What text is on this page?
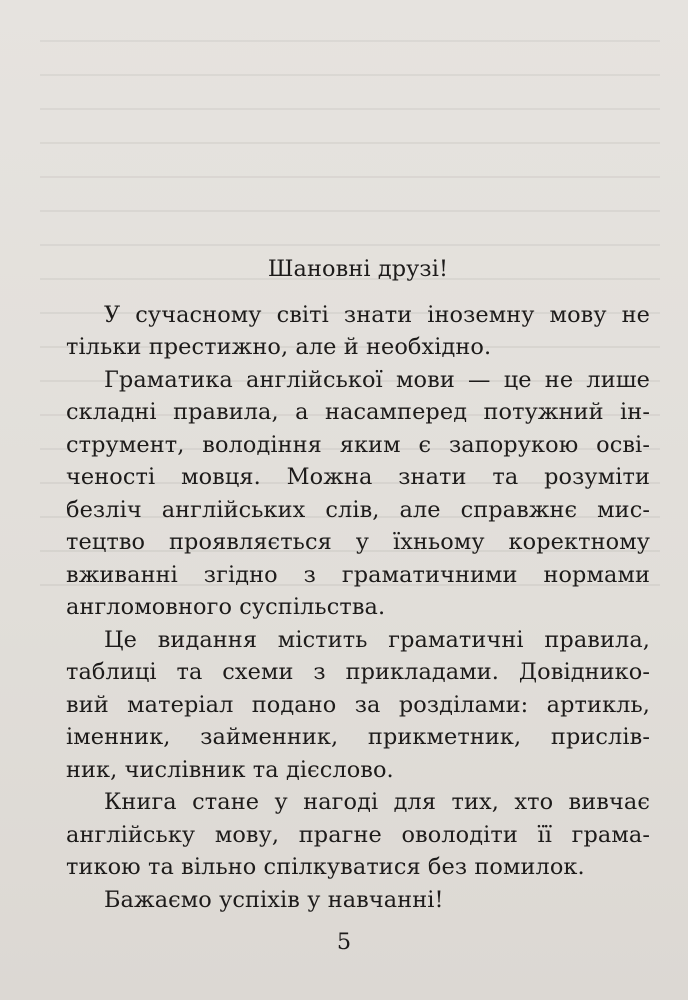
Шановні друзі!

У сучасному світі знати іноземну мову не
тільки престижно, але й необхідно.

Граматика англійської мови — це не лише
складні правила, а насамперед потужний ін-
струмент, володіння яким є запорукою осві-
ченості мовця. Можна знати та розуміти
безліч англійських слів, але справжнє мис-
тецтво проявляється у їхньому коректному
вживанні згідно з граматичними нормами
англомовного суспільства.

Це видання містить граматичні правила,
таблиці та схеми з прикладами. Довіднико-
вий матеріал подано за розділами: артикль,
іменник, займенник, прикметник, прислів-
ник, числівник та дієслово.

Книга стане у нагоді для тих, хто вивчає
англійську мову, прагне оволодіти її грама-
тикою та вільно спілкуватися без помилок.

Бажаємо успіхів у навчанні!

5
